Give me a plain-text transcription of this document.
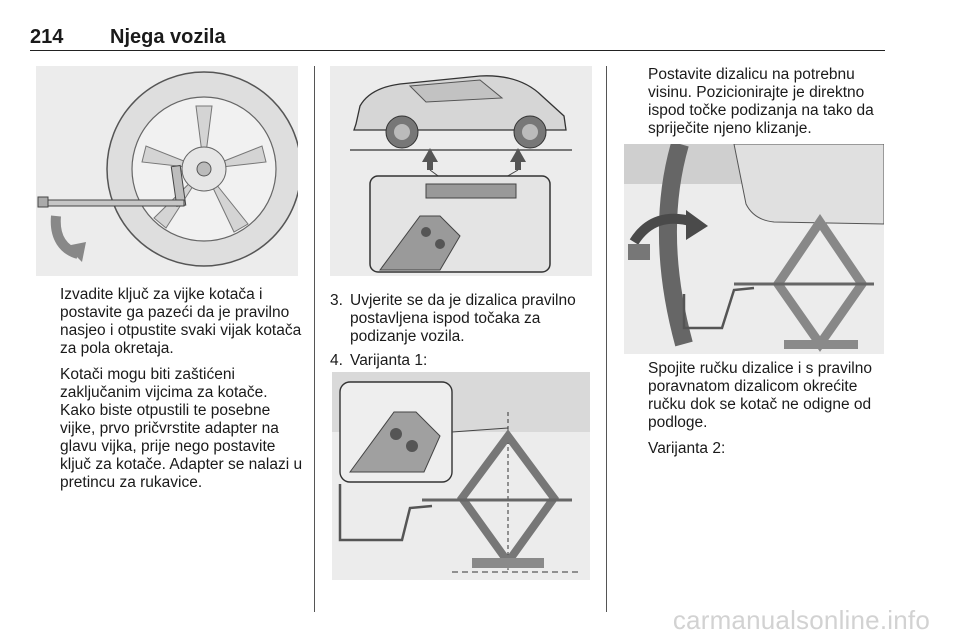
214 Njega vozila

Izvadite ključ za vijke kotača i postavite ga pazeći da je pravilno nasjeo i otpustite svaki vijak kotača za pola okretaja.

Kotači mogu biti zaštićeni zaključanim vijcima za kotače. Kako biste otpustili te posebne vijke, prvo pričvrstite adapter na glavu vijka, prije nego postavite ključ za kotače. Adapter se nalazi u pretincu za rukavice.

3. Uvjerite se da je dizalica pravilno postavljena ispod točaka za podizanje vozila.
4. Varijanta 1:

Postavite dizalicu na potrebnu visinu. Pozicionirajte je direktno ispod točke podizanja na tako da spriječite njeno klizanje.

Spojite ručku dizalice i s pravilno poravnatom dizalicom okrećite ručku dok se kotač ne odigne od podloge.

Varijanta 2:

carmanualsonline.info
